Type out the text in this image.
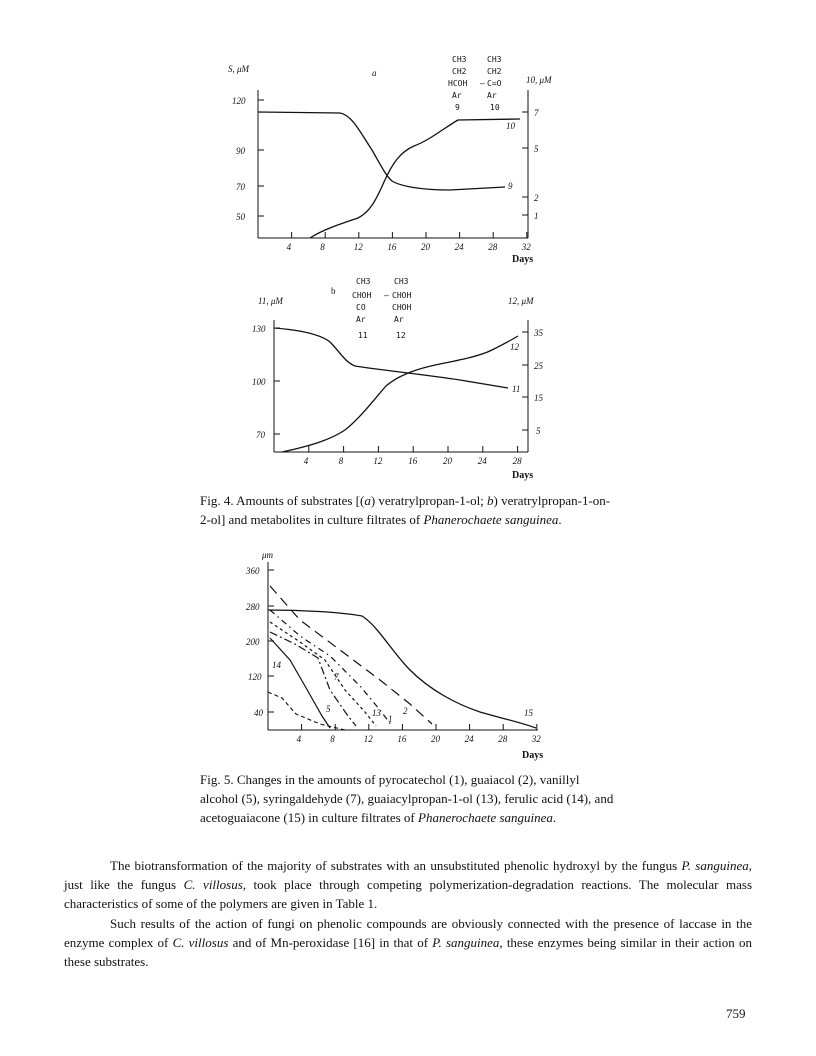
CH3
CH2
HCOH
Ar
9
—
CH3
CH2
C=O
Ar
10
S, μM	a
10, μM
120
90
70
50
7
5
2
1
4	8	12	16	20	24	28	32
Days
9
10
CH3
CHOH
CO
Ar
11
—
CH3
CHOH
CHOH
Ar
12
b
11, μM	12, μM
130
100
70
35
25
15
5
4	8	12	16	20	24	28
Days
11
12
Fig. 4. Amounts of substrates [(a) veratrylpropan-1-ol; b) veratrylpropan-1-on-2-ol] and metabolites in culture filtrates of Phanerochaete sanguinea.
μm
360
280
200
120
40
4	8	12	16	20	24	28	32
Days
14
5
7
13 2
1
15
Fig. 5. Changes in the amounts of pyrocatechol (1), guaiacol (2), vanillyl alcohol (5), syringaldehyde (7), guaiacylpropan-1-ol (13), ferulic acid (14), and acetoguaiacone (15) in culture filtrates of Phanerochaete sanguinea.
The biotransformation of the majority of substrates with an unsubstituted phenolic hydroxyl by the fungus P. sanguinea, just like the fungus C. villosus, took place through competing polymerization-degradation reactions. The molecular mass characteristics of some of the polymers are given in Table 1.
Such results of the action of fungi on phenolic compounds are obviously connected with the presence of laccase in the enzyme complex of C. villosus and of Mn-peroxidase [16] in that of P. sanguinea, these enzymes being similar in their action on these substrates.
759
